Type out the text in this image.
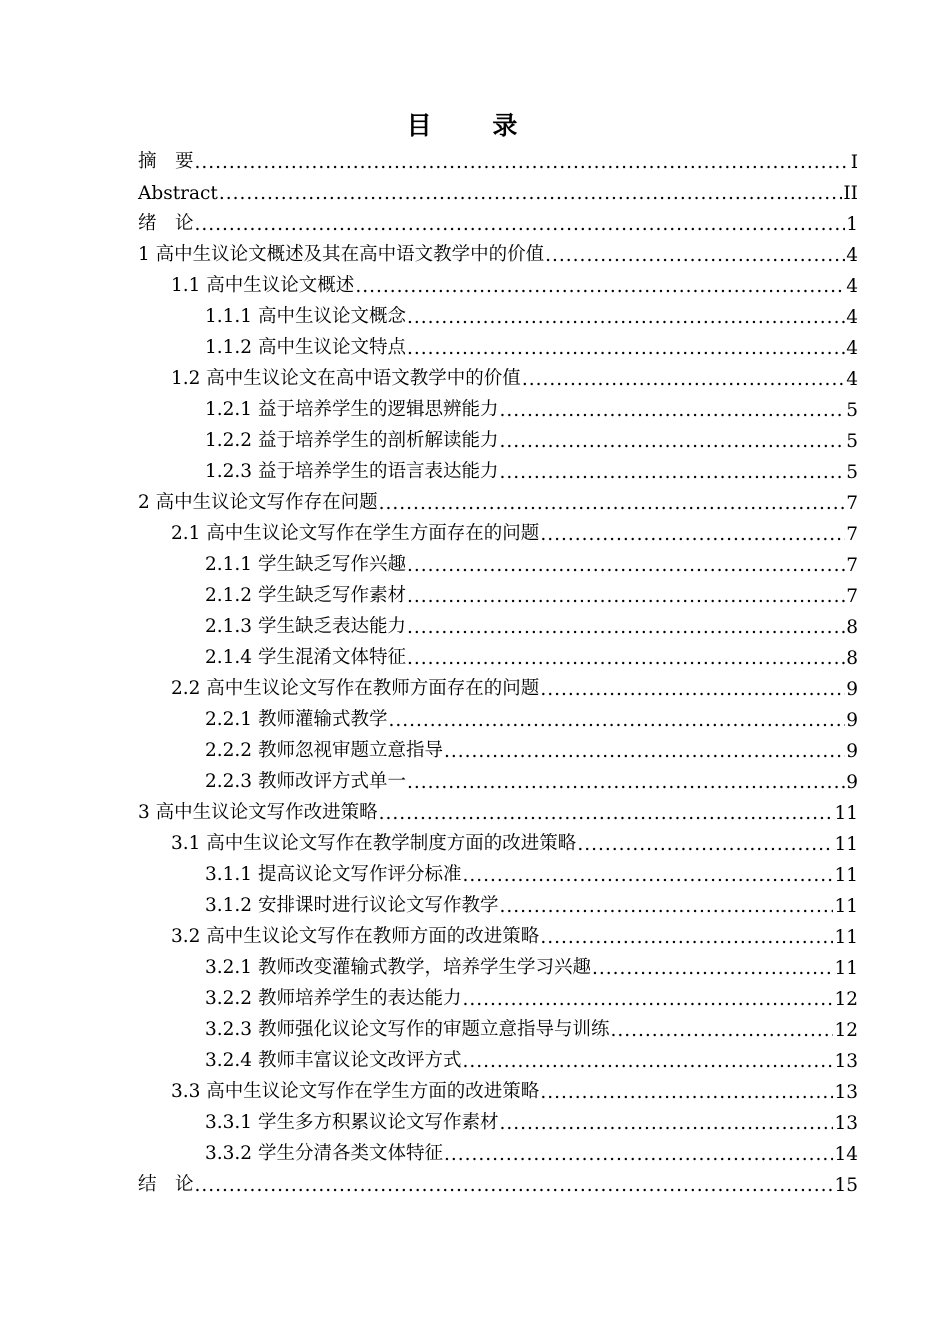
目 录
摘　要 .....	I
Abstract .....	II
绪　论 .....	1
1 高中生议论文概述及其在高中语文教学中的价值 .....	4
1.1 高中生议论文概述 .....	4
1.1.1 高中生议论文概念 .....	4
1.1.2 高中生议论文特点 .....	4
1.2 高中生议论文在高中语文教学中的价值 .....	4
1.2.1 益于培养学生的逻辑思辨能力 .....	5
1.2.2 益于培养学生的剖析解读能力 .....	5
1.2.3 益于培养学生的语言表达能力 .....	5
2 高中生议论文写作存在问题 .....	7
2.1 高中生议论文写作在学生方面存在的问题 .....	7
2.1.1 学生缺乏写作兴趣 .....	7
2.1.2 学生缺乏写作素材 .....	7
2.1.3 学生缺乏表达能力 .....	8
2.1.4 学生混淆文体特征 .....	8
2.2 高中生议论文写作在教师方面存在的问题 .....	9
2.2.1 教师灌输式教学 .....	9
2.2.2 教师忽视审题立意指导 .....	9
2.2.3 教师改评方式单一 .....	9
3 高中生议论文写作改进策略 .....	11
3.1 高中生议论文写作在教学制度方面的改进策略 .....	11
3.1.1 提高议论文写作评分标准 .....	11
3.1.2 安排课时进行议论文写作教学 .....	11
3.2 高中生议论文写作在教师方面的改进策略 .....	11
3.2.1 教师改变灌输式教学，培养学生学习兴趣 .....	11
3.2.2 教师培养学生的表达能力 .....	12
3.2.3 教师强化议论文写作的审题立意指导与训练 .....	12
3.2.4 教师丰富议论文改评方式 .....	13
3.3 高中生议论文写作在学生方面的改进策略 .....	13
3.3.1 学生多方积累议论文写作素材 .....	13
3.3.2 学生分清各类文体特征 .....	14
结　论 .....	15
